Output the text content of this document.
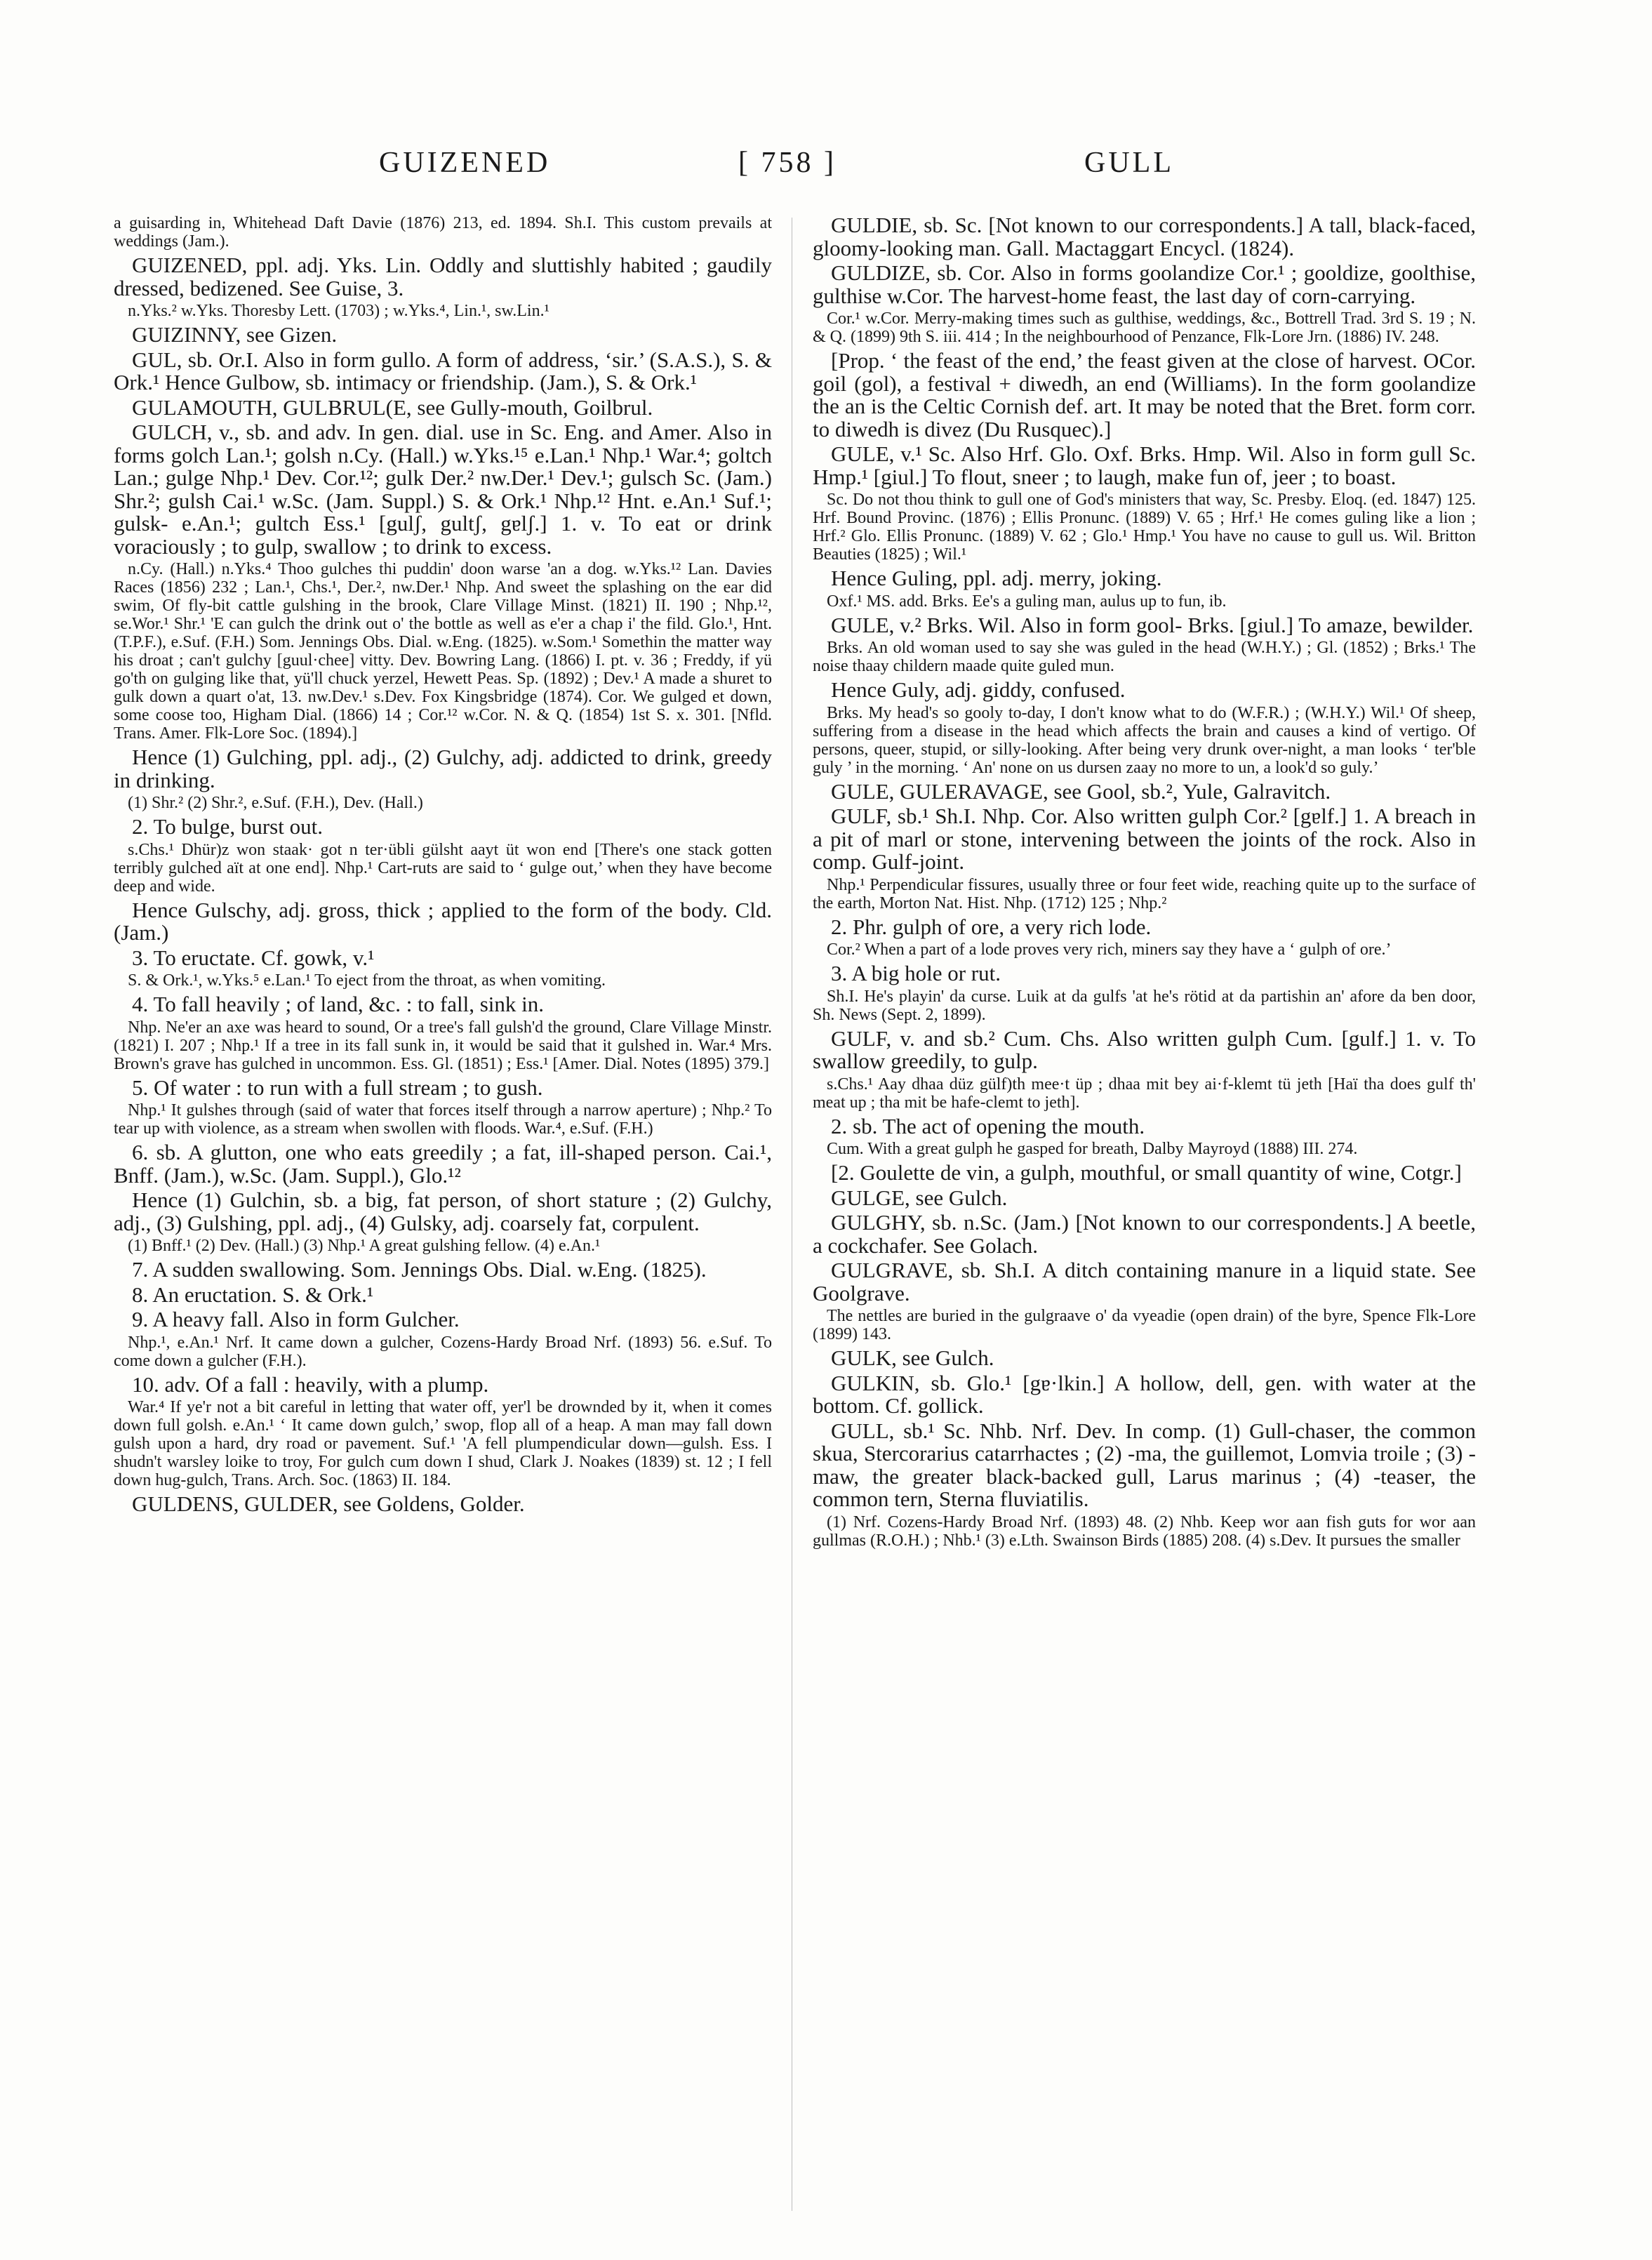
GUIZENED	[ 758 ]	GULL

a guisarding in, Whitehead Daft Davie (1876) 213, ed. 1894. Sh.I. This custom prevails at weddings (Jam.).

GUIZENED, ppl. adj. Yks. Lin. Oddly and sluttishly habited ; gaudily dressed, bedizened. See Guise, 3.

n.Yks.² w.Yks. Thoresby Lett. (1703) ; w.Yks.⁴, Lin.¹, sw.Lin.¹

GUIZINNY, see Gizen.

GUL, sb. Or.I. Also in form gullo. A form of address, ‘sir.’ (S.A.S.), S. & Ork.¹ Hence Gulbow, sb. intimacy or friendship. (Jam.), S. & Ork.¹

GULAMOUTH, GULBRUL(E, see Gully-mouth, Goilbrul.

GULCH, v., sb. and adv. In gen. dial. use in Sc. Eng. and Amer. Also in forms golch Lan.¹; golsh n.Cy. (Hall.) w.Yks.¹⁵ e.Lan.¹ Nhp.¹ War.⁴; goltch Lan.; gulge Nhp.¹ Dev. Cor.¹²; gulk Der.² nw.Der.¹ Dev.¹; gulsch Sc. (Jam.) Shr.²; gulsh Cai.¹ w.Sc. (Jam. Suppl.) S. & Ork.¹ Nhp.¹² Hnt. e.An.¹ Suf.¹; gulsk- e.An.¹; gultch Ess.¹ [gulʃ, gultʃ, gɐlʃ.] 1. v. To eat or drink voraciously ; to gulp, swallow ; to drink to excess.

n.Cy. (Hall.) n.Yks.⁴ Thoo gulches thi puddin' doon warse 'an a dog. w.Yks.¹² Lan. Davies Races (1856) 232 ; Lan.¹, Chs.¹, Der.², nw.Der.¹ Nhp. And sweet the splashing on the ear did swim, Of fly-bit cattle gulshing in the brook, Clare Village Minst. (1821) II. 190 ; Nhp.¹², se.Wor.¹ Shr.¹ 'E can gulch the drink out o' the bottle as well as e'er a chap i' the fild. Glo.¹, Hnt. (T.P.F.), e.Suf. (F.H.) Som. Jennings Obs. Dial. w.Eng. (1825). w.Som.¹ Somethin the matter way his droat ; can't gulchy [guul·chee] vitty. Dev. Bowring Lang. (1866) I. pt. v. 36 ; Freddy, if yü go'th on gulging like that, yü'll chuck yerzel, Hewett Peas. Sp. (1892) ; Dev.¹ A made a shuret to gulk down a quart o'at, 13. nw.Dev.¹ s.Dev. Fox Kingsbridge (1874). Cor. We gulged et down, some coose too, Higham Dial. (1866) 14 ; Cor.¹² w.Cor. N. & Q. (1854) 1st S. x. 301. [Nfld. Trans. Amer. Flk-Lore Soc. (1894).]

Hence (1) Gulching, ppl. adj., (2) Gulchy, adj. addicted to drink, greedy in drinking.

(1) Shr.² (2) Shr.², e.Suf. (F.H.), Dev. (Hall.)

2. To bulge, burst out.

s.Chs.¹ Dhür)z won staak· got n ter·übli gülsht aayt üt won end [There's one stack gotten terribly gulched aït at one end]. Nhp.¹ Cart-ruts are said to ‘ gulge out,’ when they have become deep and wide.

Hence Gulschy, adj. gross, thick ; applied to the form of the body. Cld. (Jam.)

3. To eructate. Cf. gowk, v.¹

S. & Ork.¹, w.Yks.⁵ e.Lan.¹ To eject from the throat, as when vomiting.

4. To fall heavily ; of land, &c. : to fall, sink in.

Nhp. Ne'er an axe was heard to sound, Or a tree's fall gulsh'd the ground, Clare Village Minstr. (1821) I. 207 ; Nhp.¹ If a tree in its fall sunk in, it would be said that it gulshed in. War.⁴ Mrs. Brown's grave has gulched in uncommon. Ess. Gl. (1851) ; Ess.¹ [Amer. Dial. Notes (1895) 379.]

5. Of water : to run with a full stream ; to gush.

Nhp.¹ It gulshes through (said of water that forces itself through a narrow aperture) ; Nhp.² To tear up with violence, as a stream when swollen with floods. War.⁴, e.Suf. (F.H.)

6. sb. A glutton, one who eats greedily ; a fat, ill-shaped person. Cai.¹, Bnff. (Jam.), w.Sc. (Jam. Suppl.), Glo.¹²

Hence (1) Gulchin, sb. a big, fat person, of short stature ; (2) Gulchy, adj., (3) Gulshing, ppl. adj., (4) Gulsky, adj. coarsely fat, corpulent.

(1) Bnff.¹ (2) Dev. (Hall.) (3) Nhp.¹ A great gulshing fellow. (4) e.An.¹

7. A sudden swallowing. Som. Jennings Obs. Dial. w.Eng. (1825).

8. An eructation. S. & Ork.¹

9. A heavy fall. Also in form Gulcher.

Nhp.¹, e.An.¹ Nrf. It came down a gulcher, Cozens-Hardy Broad Nrf. (1893) 56. e.Suf. To come down a gulcher (F.H.).

10. adv. Of a fall : heavily, with a plump.

War.⁴ If ye'r not a bit careful in letting that water off, yer'l be drownded by it, when it comes down full golsh. e.An.¹ ‘ It came down gulch,’ swop, flop all of a heap. A man may fall down gulsh upon a hard, dry road or pavement. Suf.¹ 'A fell plumpendicular down—gulsh. Ess. I shudn't warsley loike to troy, For gulch cum down I shud, Clark J. Noakes (1839) st. 12 ; I fell down hug-gulch, Trans. Arch. Soc. (1863) II. 184.

GULDENS, GULDER, see Goldens, Golder.

GULDIE, sb. Sc. [Not known to our correspondents.] A tall, black-faced, gloomy-looking man. Gall. Mactaggart Encycl. (1824).

GULDIZE, sb. Cor. Also in forms goolandize Cor.¹ ; gooldize, goolthise, gulthise w.Cor. The harvest-home feast, the last day of corn-carrying.

Cor.¹ w.Cor. Merry-making times such as gulthise, weddings, &c., Bottrell Trad. 3rd S. 19 ; N. & Q. (1899) 9th S. iii. 414 ; In the neighbourhood of Penzance, Flk-Lore Jrn. (1886) IV. 248.

[Prop. ‘ the feast of the end,’ the feast given at the close of harvest. OCor. goil (gol), a festival + diwedh, an end (Williams). In the form goolandize the an is the Celtic Cornish def. art. It may be noted that the Bret. form corr. to diwedh is divez (Du Rusquec).]

GULE, v.¹ Sc. Also Hrf. Glo. Oxf. Brks. Hmp. Wil. Also in form gull Sc. Hmp.¹ [giul.] To flout, sneer ; to laugh, make fun of, jeer ; to boast.

Sc. Do not thou think to gull one of God's ministers that way, Sc. Presby. Eloq. (ed. 1847) 125. Hrf. Bound Provinc. (1876) ; Ellis Pronunc. (1889) V. 65 ; Hrf.¹ He comes guling like a lion ; Hrf.² Glo. Ellis Pronunc. (1889) V. 62 ; Glo.¹ Hmp.¹ You have no cause to gull us. Wil. Britton Beauties (1825) ; Wil.¹

Hence Guling, ppl. adj. merry, joking.

Oxf.¹ MS. add. Brks. Ee's a guling man, aulus up to fun, ib.

GULE, v.² Brks. Wil. Also in form gool- Brks. [giul.] To amaze, bewilder.

Brks. An old woman used to say she was guled in the head (W.H.Y.) ; Gl. (1852) ; Brks.¹ The noise thaay childern maade quite guled mun.

Hence Guly, adj. giddy, confused.

Brks. My head's so gooly to-day, I don't know what to do (W.F.R.) ; (W.H.Y.) Wil.¹ Of sheep, suffering from a disease in the head which affects the brain and causes a kind of vertigo. Of persons, queer, stupid, or silly-looking. After being very drunk over-night, a man looks ‘ ter'ble guly ’ in the morning. ‘ An' none on us dursen zaay no more to un, a look'd so guly.’

GULE, GULERAVAGE, see Gool, sb.², Yule, Galravitch.

GULF, sb.¹ Sh.I. Nhp. Cor. Also written gulph Cor.² [gɐlf.] 1. A breach in a pit of marl or stone, intervening between the joints of the rock. Also in comp. Gulf-joint.

Nhp.¹ Perpendicular fissures, usually three or four feet wide, reaching quite up to the surface of the earth, Morton Nat. Hist. Nhp. (1712) 125 ; Nhp.²

2. Phr. gulph of ore, a very rich lode.

Cor.² When a part of a lode proves very rich, miners say they have a ‘ gulph of ore.’

3. A big hole or rut.

Sh.I. He's playin' da curse. Luik at da gulfs 'at he's rötid at da partishin an' afore da ben door, Sh. News (Sept. 2, 1899).

GULF, v. and sb.² Cum. Chs. Also written gulph Cum. [gulf.] 1. v. To swallow greedily, to gulp.

s.Chs.¹ Aay dhaa düz gülf)th mee·t üp ; dhaa mit bey ai·f-klemt tü jeth [Haï tha does gulf th' meat up ; tha mit be hafe-clemt to jeth].

2. sb. The act of opening the mouth.

Cum. With a great gulph he gasped for breath, Dalby Mayroyd (1888) III. 274.

[2. Goulette de vin, a gulph, mouthful, or small quantity of wine, Cotgr.]

GULGE, see Gulch.

GULGHY, sb. n.Sc. (Jam.) [Not known to our correspondents.] A beetle, a cockchafer. See Golach.

GULGRAVE, sb. Sh.I. A ditch containing manure in a liquid state. See Goolgrave.

The nettles are buried in the gulgraave o' da vyeadie (open drain) of the byre, Spence Flk-Lore (1899) 143.

GULK, see Gulch.

GULKIN, sb. Glo.¹ [gɐ·lkin.] A hollow, dell, gen. with water at the bottom. Cf. gollick.

GULL, sb.¹ Sc. Nhb. Nrf. Dev. In comp. (1) Gull-chaser, the common skua, Stercorarius catarrhactes ; (2) -ma, the guillemot, Lomvia troile ; (3) -maw, the greater black-backed gull, Larus marinus ; (4) -teaser, the common tern, Sterna fluviatilis.

(1) Nrf. Cozens-Hardy Broad Nrf. (1893) 48. (2) Nhb. Keep wor aan fish guts for wor aan gullmas (R.O.H.) ; Nhb.¹ (3) e.Lth. Swainson Birds (1885) 208. (4) s.Dev. It pursues the smaller
